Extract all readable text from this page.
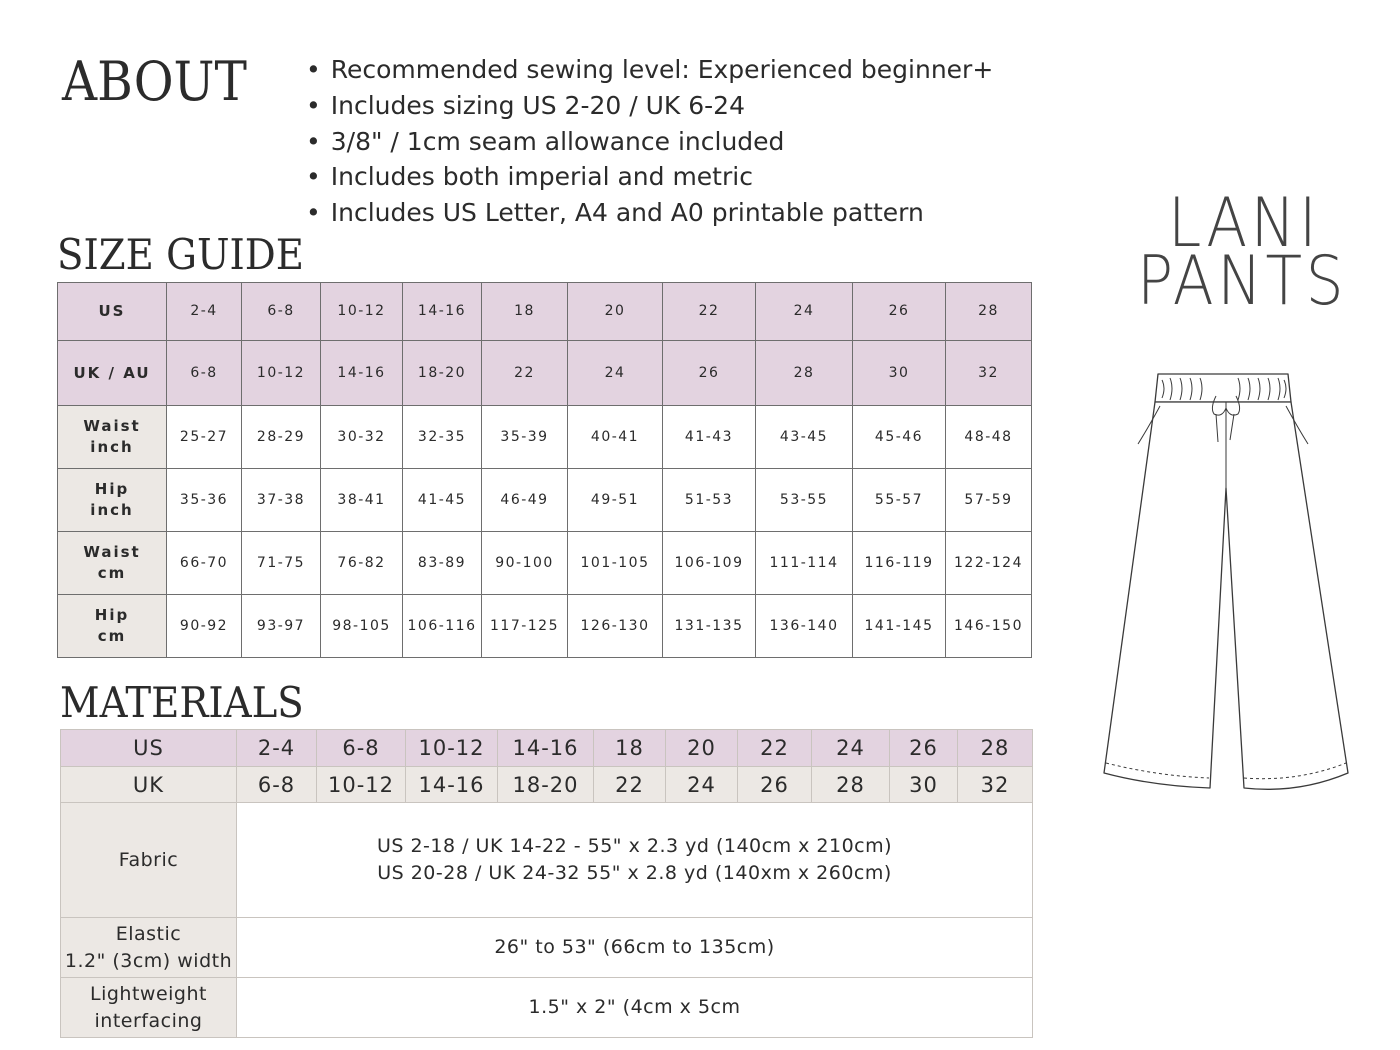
ABOUT	• Recommended sewing level: Experienced beginner+
• Includes sizing US 2-20 / UK 6-24
• 3/8" / 1cm seam allowance included
• Includes both imperial and metric
• Includes US Letter, A4 and A0 printable pattern	LANI
PANTS
SIZE GUIDE
US	2-4	6-8	10-12	14-16	18	20	22	24	26	28

UK / AU	6-8	10-12	14-16	18-20	22	24	26	28	30	32

Waist
inch	25-27	28-29	30-32	32-35	35-39	40-41	41-43	43-45	45-46	48-48

Hip
inch	35-36	37-38	38-41	41-45	46-49	49-51	51-53	53-55	55-57	57-59

Waist
cm	66-70	71-75	76-82	83-89	90-100	101-105	106-109	111-114	116-119	122-124

Hip
cm	90-92	93-97	98-105	106-116	117-125	126-130	131-135	136-140	141-145	146-150
MATERIALS
US	2-4	6-8	10-12	14-16	18	20	22	24	26	28
UK	6-8	10-12	14-16	18-20	22	24	26	28	30	32
Fabric	US 2-18 / UK 14-22 - 55" x 2.3 yd (140cm x 210cm)
US 20-28 / UK 24-32 55" x 2.8 yd (140xm x 260cm)									

Elastic
1.2" (3cm) width	26" to 53" (66cm to 135cm)									

Lightweight
interfacing	1.5" x 2" (4cm x 5cm									
